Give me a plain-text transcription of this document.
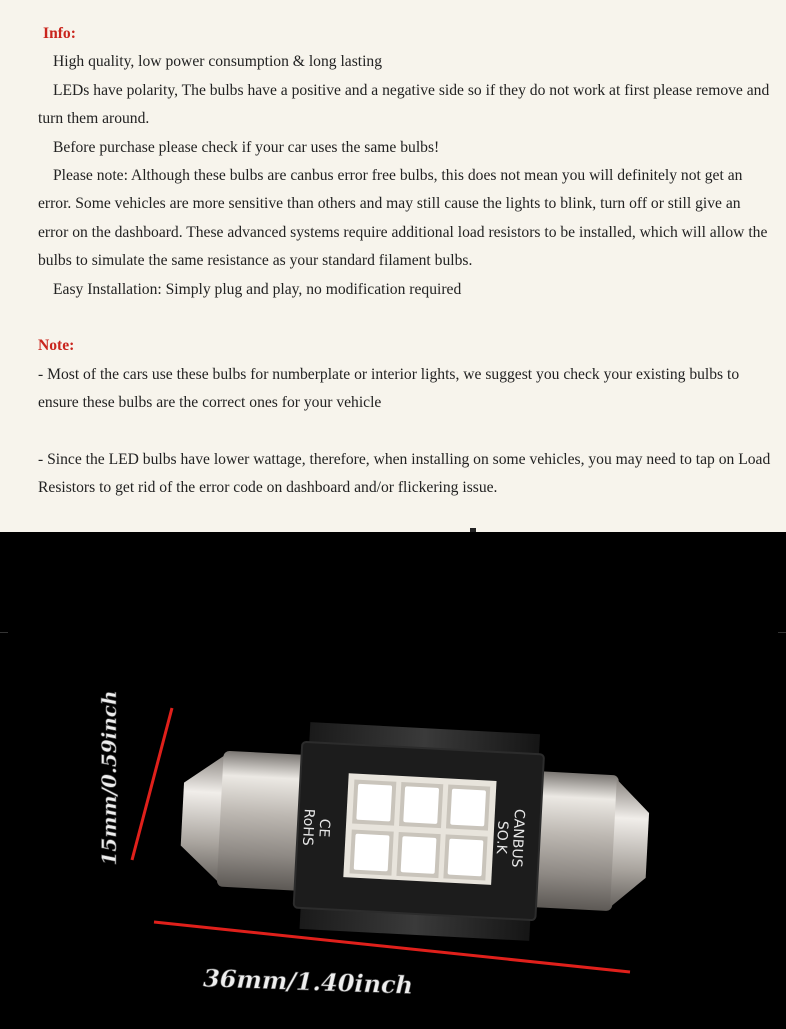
Info:

High quality, low power consumption & long lasting

LEDs have polarity, The bulbs have a positive and a negative side so if they do not work at first please remove and turn them around.

Before purchase please check if your car uses the same bulbs!

Please note: Although these bulbs are canbus error free bulbs, this does not mean you will definitely not get an error. Some vehicles are more sensitive than others and may still cause the lights to blink, turn off or still give an error on the dashboard. These advanced systems require additional load resistors to be installed, which will allow the bulbs to simulate the same resistance as your standard filament bulbs.

Easy Installation: Simply plug and play, no modification required

Note:

- Most of the cars use these bulbs for numberplate or interior lights, we suggest you check your existing bulbs to ensure these bulbs are the correct ones for your vehicle

- Since the LED bulbs have lower wattage, therefore, when installing on some vehicles, you may need to tap on Load Resistors to get rid of the error code on dashboard and/or flickering issue.

CE
RoHS	CANBUS
SO.K
15mm/0.59inch
36mm/1.40inch
